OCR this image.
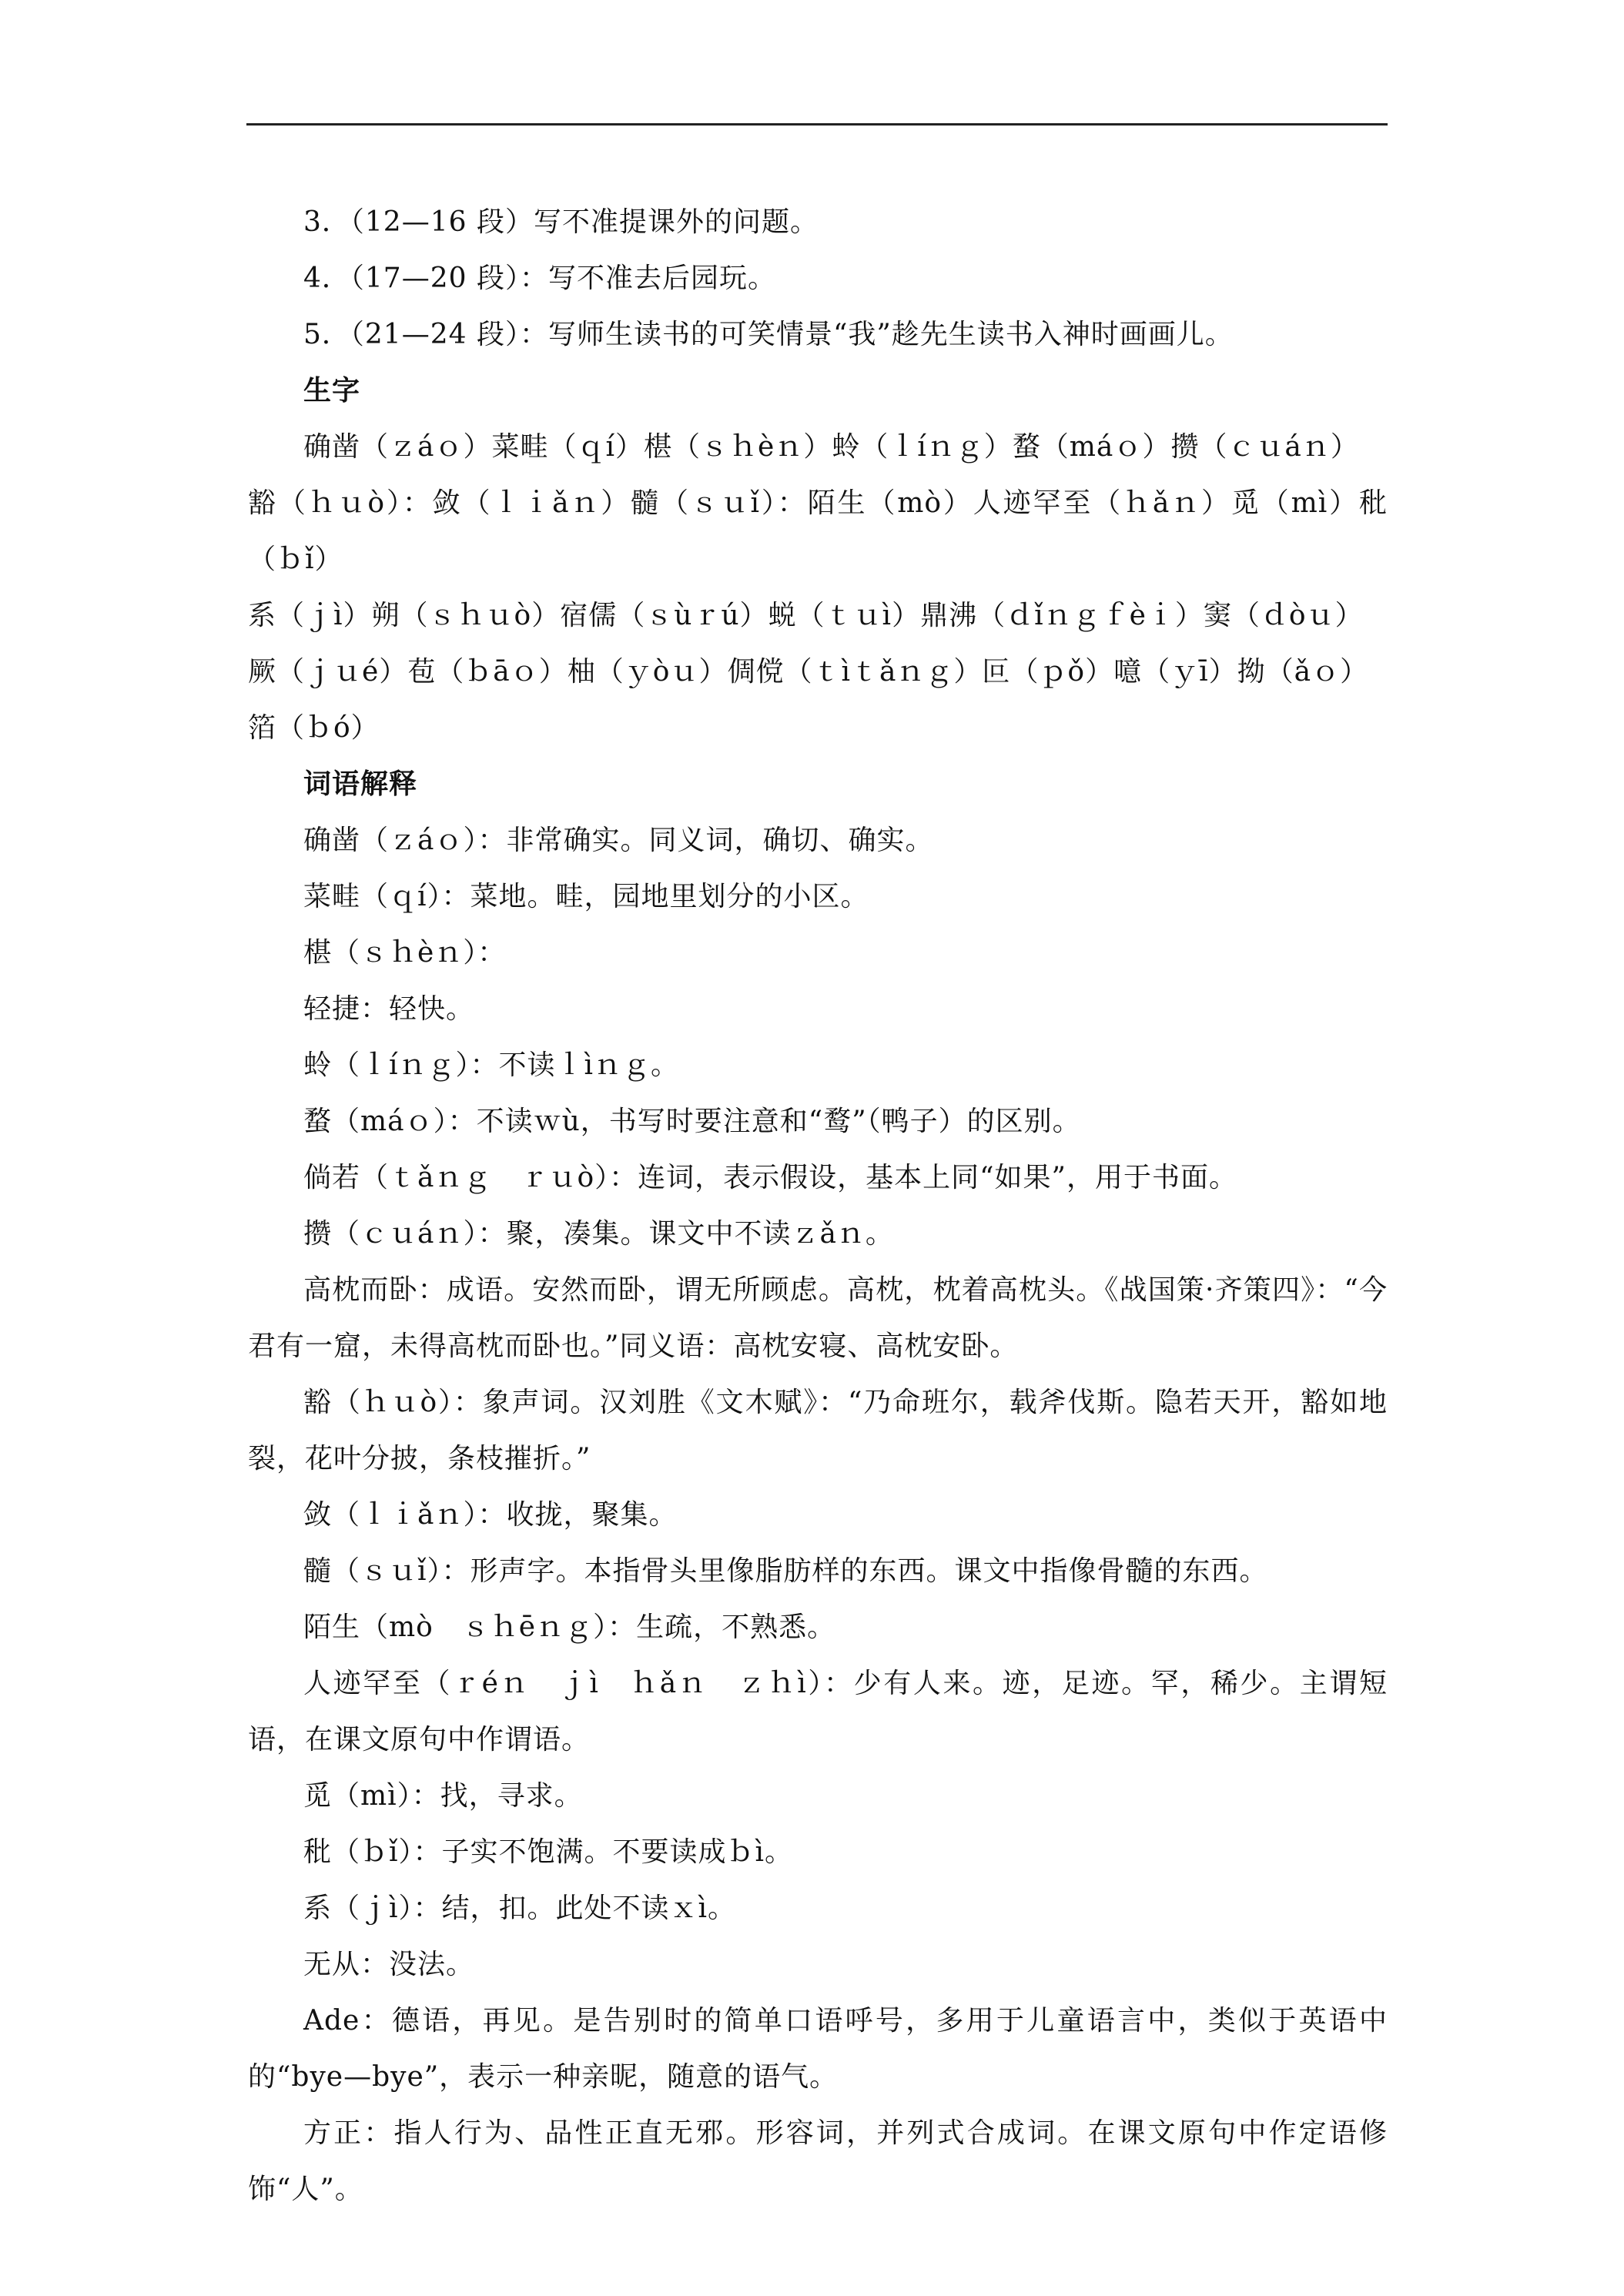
3．（12—16 段）写不准提课外的问题。

4．（17—20 段）：写不准去后园玩。

5．（21—24 段）：写师生读书的可笑情景“我”趁先生读书入神时画画儿。

生字

确凿（ｚáｏ）菜畦（ｑí）椹（ｓｈèｎ）蛉（ｌíｎｇ）蝥（máｏ）攒（ｃｕáｎ）

豁（ｈｕò）：敛（ｌｉǎｎ）髓（ｓｕǐ）：陌生（mò）人迹罕至（ｈǎｎ）觅（mì）秕（ｂǐ）

系（ｊì）朔（ｓｈｕò）宿儒（ｓùｒú）蜕（ｔｕì）鼎沸（ｄǐｎｇｆèｉ）窦（ｄòｕ）

厥（ｊｕé）苞（ｂāｏ）柚（ｙòｕ）倜傥（ｔìｔǎｎｇ）叵（ｐǒ）噫（ｙī）拗（ǎｏ）

箔（ｂó）

词语解释

确凿（ｚáｏ）：非常确实。同义词，确切、确实。

菜畦（ｑí）：菜地。畦，园地里划分的小区。

椹（ｓｈèｎ）：

轻捷：轻快。

蛉（ｌíｎｇ）：不读ｌìｎｇ。

蝥（máｏ）：不读ｗù，书写时要注意和“鹜”（鸭子）的区别。

倘若（ｔǎｎｇ　ｒｕò）：连词，表示假设，基本上同“如果”，用于书面。

攒（ｃｕáｎ）：聚，凑集。课文中不读ｚǎｎ。

高枕而卧：成语。安然而卧，谓无所顾虑。高枕，枕着高枕头。《战国策·齐策四》：“今君有一窟，未得高枕而卧也。”同义语：高枕安寝、高枕安卧。

豁（ｈｕò）：象声词。汉刘胜《文木赋》：“乃命班尔，载斧伐斯。隐若天开，豁如地裂，花叶分披，条枝摧折。”

敛（ｌｉǎｎ）：收拢，聚集。

髓（ｓｕǐ）：形声字。本指骨头里像脂肪样的东西。课文中指像骨髓的东西。

陌生（mò　ｓｈēｎｇ）：生疏，不熟悉。

人迹罕至（ｒéｎ　ｊì　ｈǎｎ　ｚｈì）：少有人来。迹，足迹。罕，稀少。主谓短语，在课文原句中作谓语。

觅（mì）：找，寻求。

秕（ｂǐ）：子实不饱满。不要读成ｂì。

系（ｊì）：结，扣。此处不读ｘì。

无从：没法。

Ade：德语，再见。是告别时的简单口语呼号，多用于儿童语言中，类似于英语中的“bye—bye”，表示一种亲昵，随意的语气。

方正：指人行为、品性正直无邪。形容词，并列式合成词。在课文原句中作定语修饰“人”。
